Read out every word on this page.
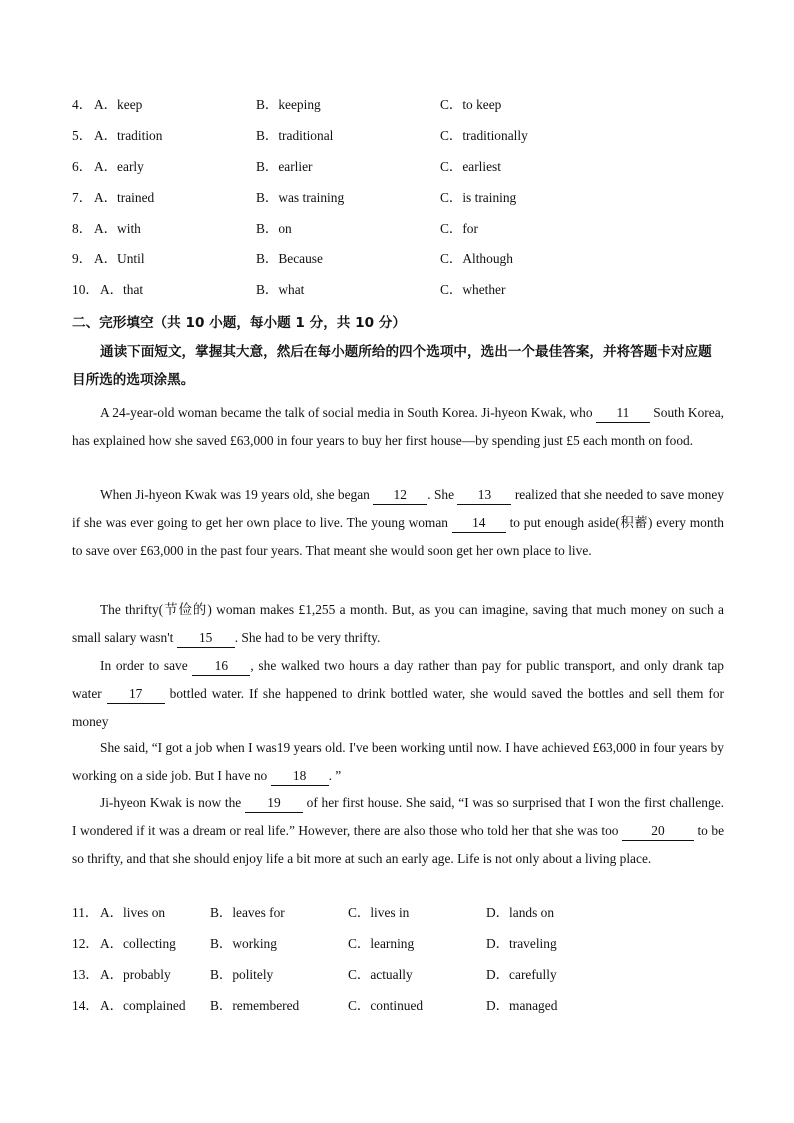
4． A．keep	B．keeping	C．to keep
5． A．tradition	B．traditional	C．traditionally
6． A．early	B．earlier	C．earliest
7． A．trained	B．was training	C．is training
8． A．with	B．on	C．for
9． A．Until	B．Because	C．Although
10． A．that	B．what	C．whether
二、完形填空（共 10 小题，每小题 1 分，共 10 分）
通读下面短文，掌握其大意，然后在每小题所给的四个选项中，选出一个最佳答案，并将答题卡对应题目所选的选项涂黑。
A 24-year-old woman became the talk of social media in South Korea. Ji-hyeon Kwak, who 11 South Korea, has explained how she saved £63,000 in four years to buy her first house—by spending just £5 each month on food.
When Ji-hyeon Kwak was 19 years old, she began 12 . She 13 realized that she needed to save money if she was ever going to get her own place to live. The young woman 14 to put enough aside(积蓄) every month to save over £63,000 in the past four years. That meant she would soon get her own place to live.
The thrifty(节俭的) woman makes £1,255 a month. But, as you can imagine, saving that much money on such a small salary wasn't 15 . She had to be very thrifty.
In order to save 16 , she walked two hours a day rather than pay for public transport, and only drank tap water 17 bottled water. If she happened to drink bottled water, she would saved the bottles and sell them for money
She said, “I got a job when I was19 years old. I've been working until now. I have achieved £63,000 in four years by working on a side job. But I have no 18 . ”
Ji-hyeon Kwak is now the 19 of her first house. She said, “I was so surprised that I won the first challenge. I wondered if it was a dream or real life.” However, there are also those who told her that she was too 20 to be so thrifty, and that she should enjoy life a bit more at such an early age. Life is not only about a living place.
11． A．lives on	B．leaves for	C．lives in	D．lands on
12． A．collecting	B．working	C．learning	D．traveling
13． A．probably	B．politely	C．actually	D．carefully
14． A．complained B．remembered	C．continued	D．managed
